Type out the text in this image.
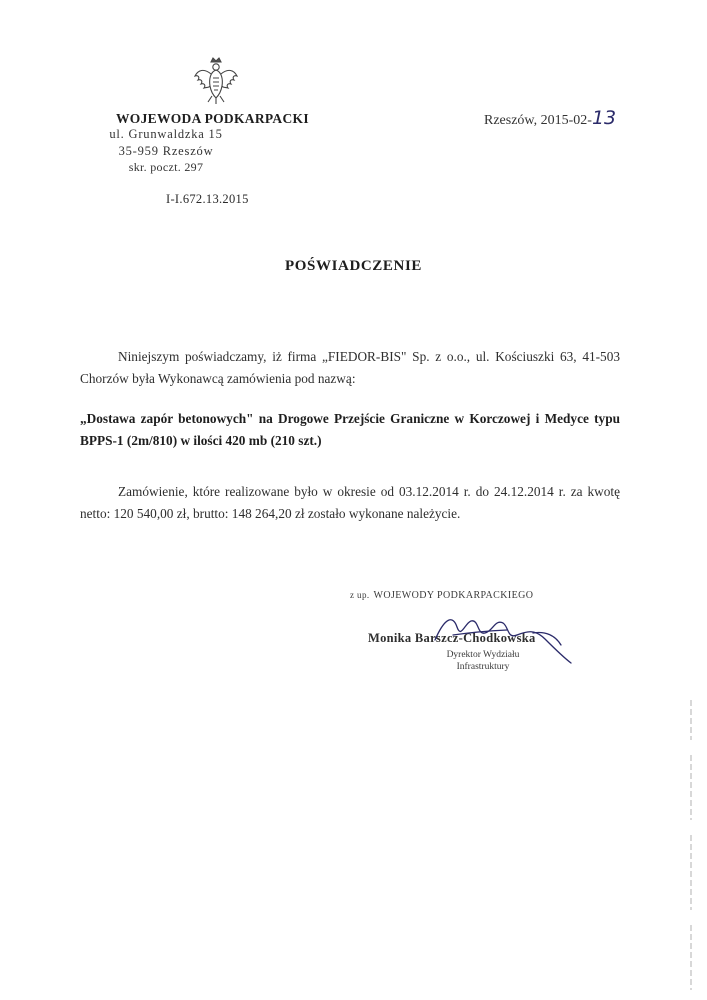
WOJEWODA PODKARPACKI
ul. Grunwaldzka 15
35-959 Rzeszów
skr. poczt. 297
I-I.672.13.2015
Rzeszów, 2015-02-13
POŚWIADCZENIE
Niniejszym poświadczamy, iż firma „FIEDOR-BIS" Sp. z o.o., ul. Kościuszki 63, 41-503 Chorzów była Wykonawcą zamówienia pod nazwą:
„Dostawa zapór betonowych" na Drogowe Przejście Graniczne w Korczowej i Medyce typu BPPS-1 (2m/810) w ilości 420 mb (210 szt.)
Zamówienie, które realizowane było w okresie od 03.12.2014 r. do 24.12.2014 r. za kwotę netto: 120 540,00 zł, brutto: 148 264,20 zł zostało wykonane należycie.
z up. WOJEWODY PODKARPACKIEGO
Monika Barszcz-Chodkowska
Dyrektor Wydziału
Infrastruktury
